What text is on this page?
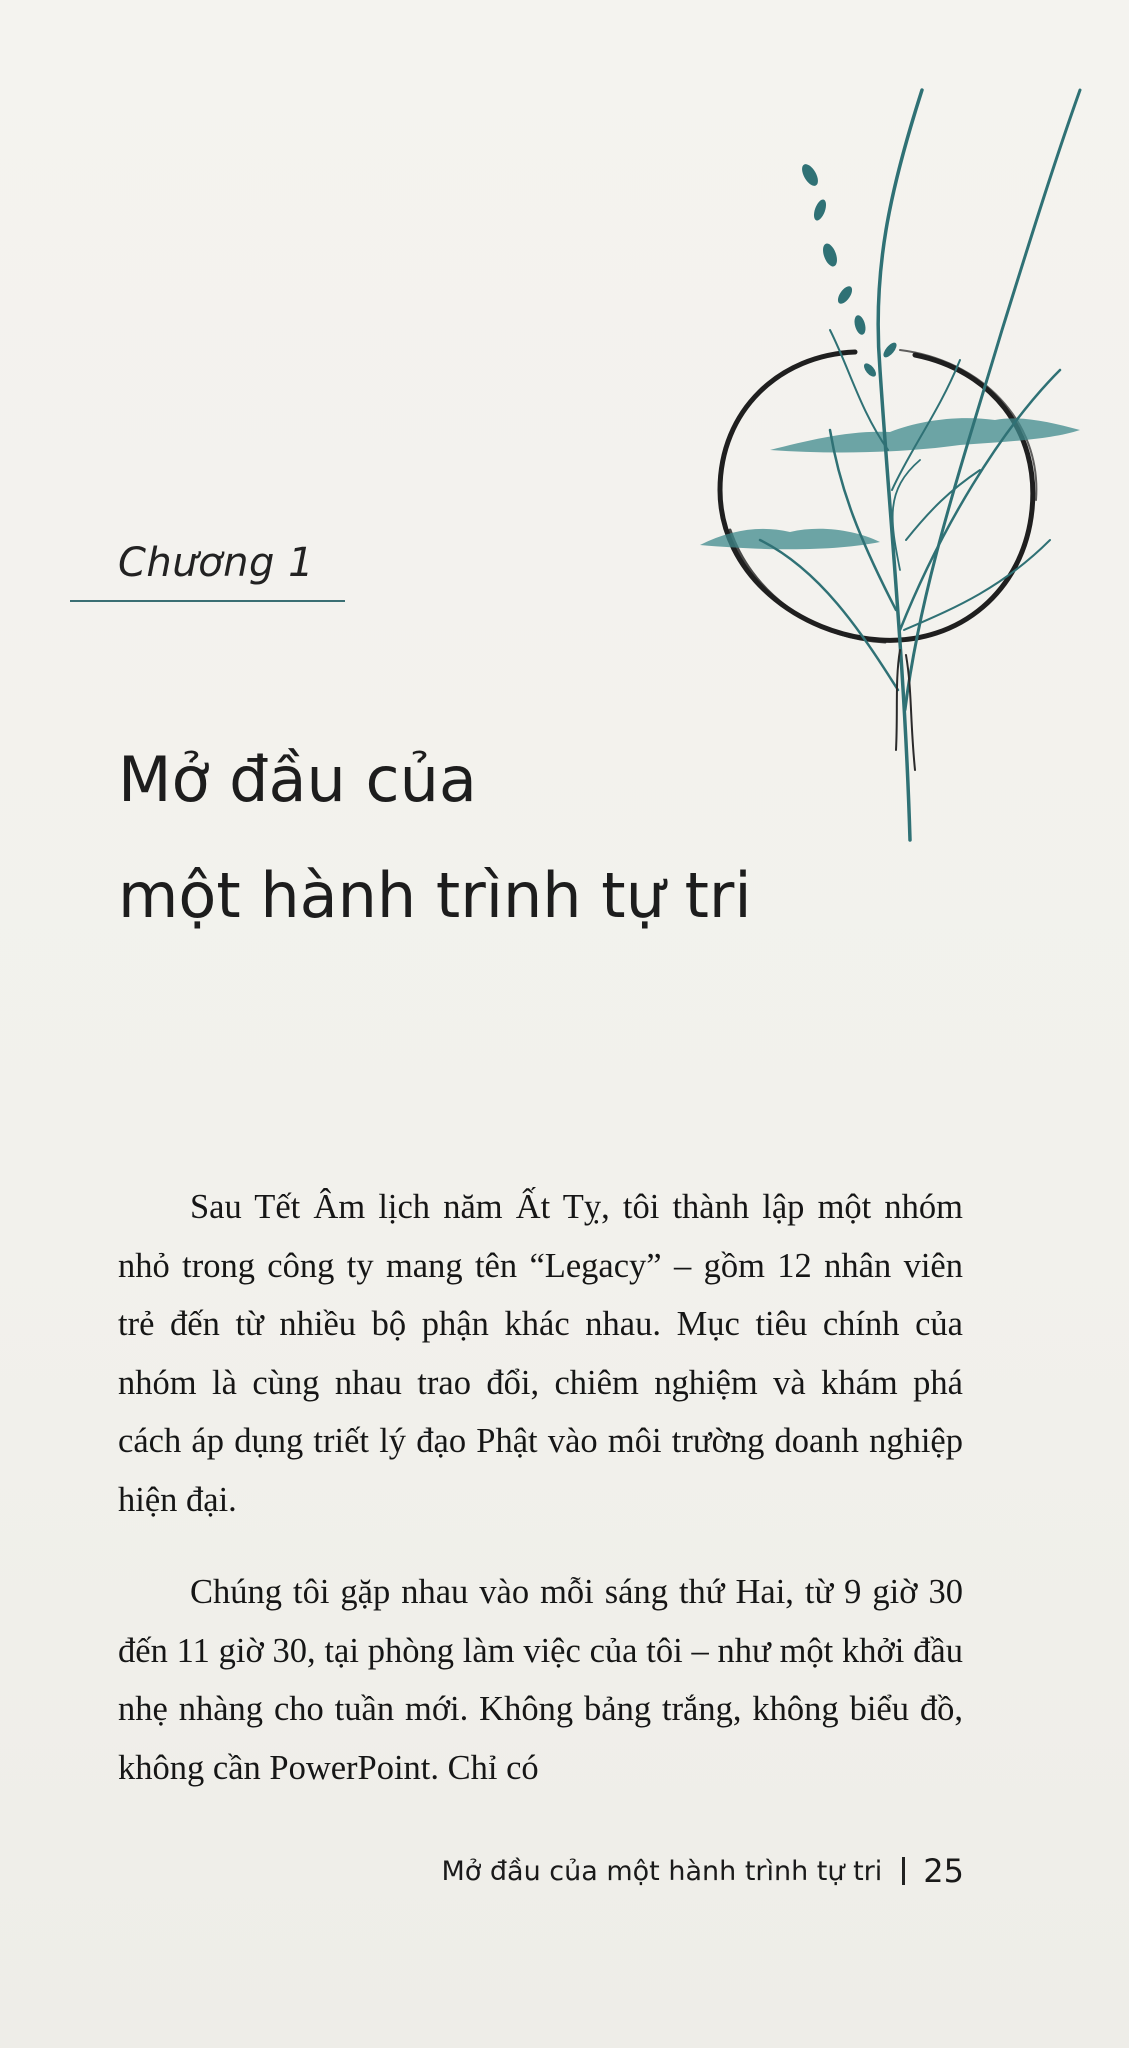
Chương 1
Mở đầu của
một hành trình tự tri

Sau Tết Âm lịch năm Ất Tỵ, tôi thành lập một nhóm nhỏ trong công ty mang tên “Legacy” – gồm 12 nhân viên trẻ đến từ nhiều bộ phận khác nhau. Mục tiêu chính của nhóm là cùng nhau trao đổi, chiêm nghiệm và khám phá cách áp dụng triết lý đạo Phật vào môi trường doanh nghiệp hiện đại.

Chúng tôi gặp nhau vào mỗi sáng thứ Hai, từ 9 giờ 30 đến 11 giờ 30, tại phòng làm việc của tôi – như một khởi đầu nhẹ nhàng cho tuần mới. Không bảng trắng, không biểu đồ, không cần PowerPoint. Chỉ có

Mở đầu của một hành trình tự tri 25
